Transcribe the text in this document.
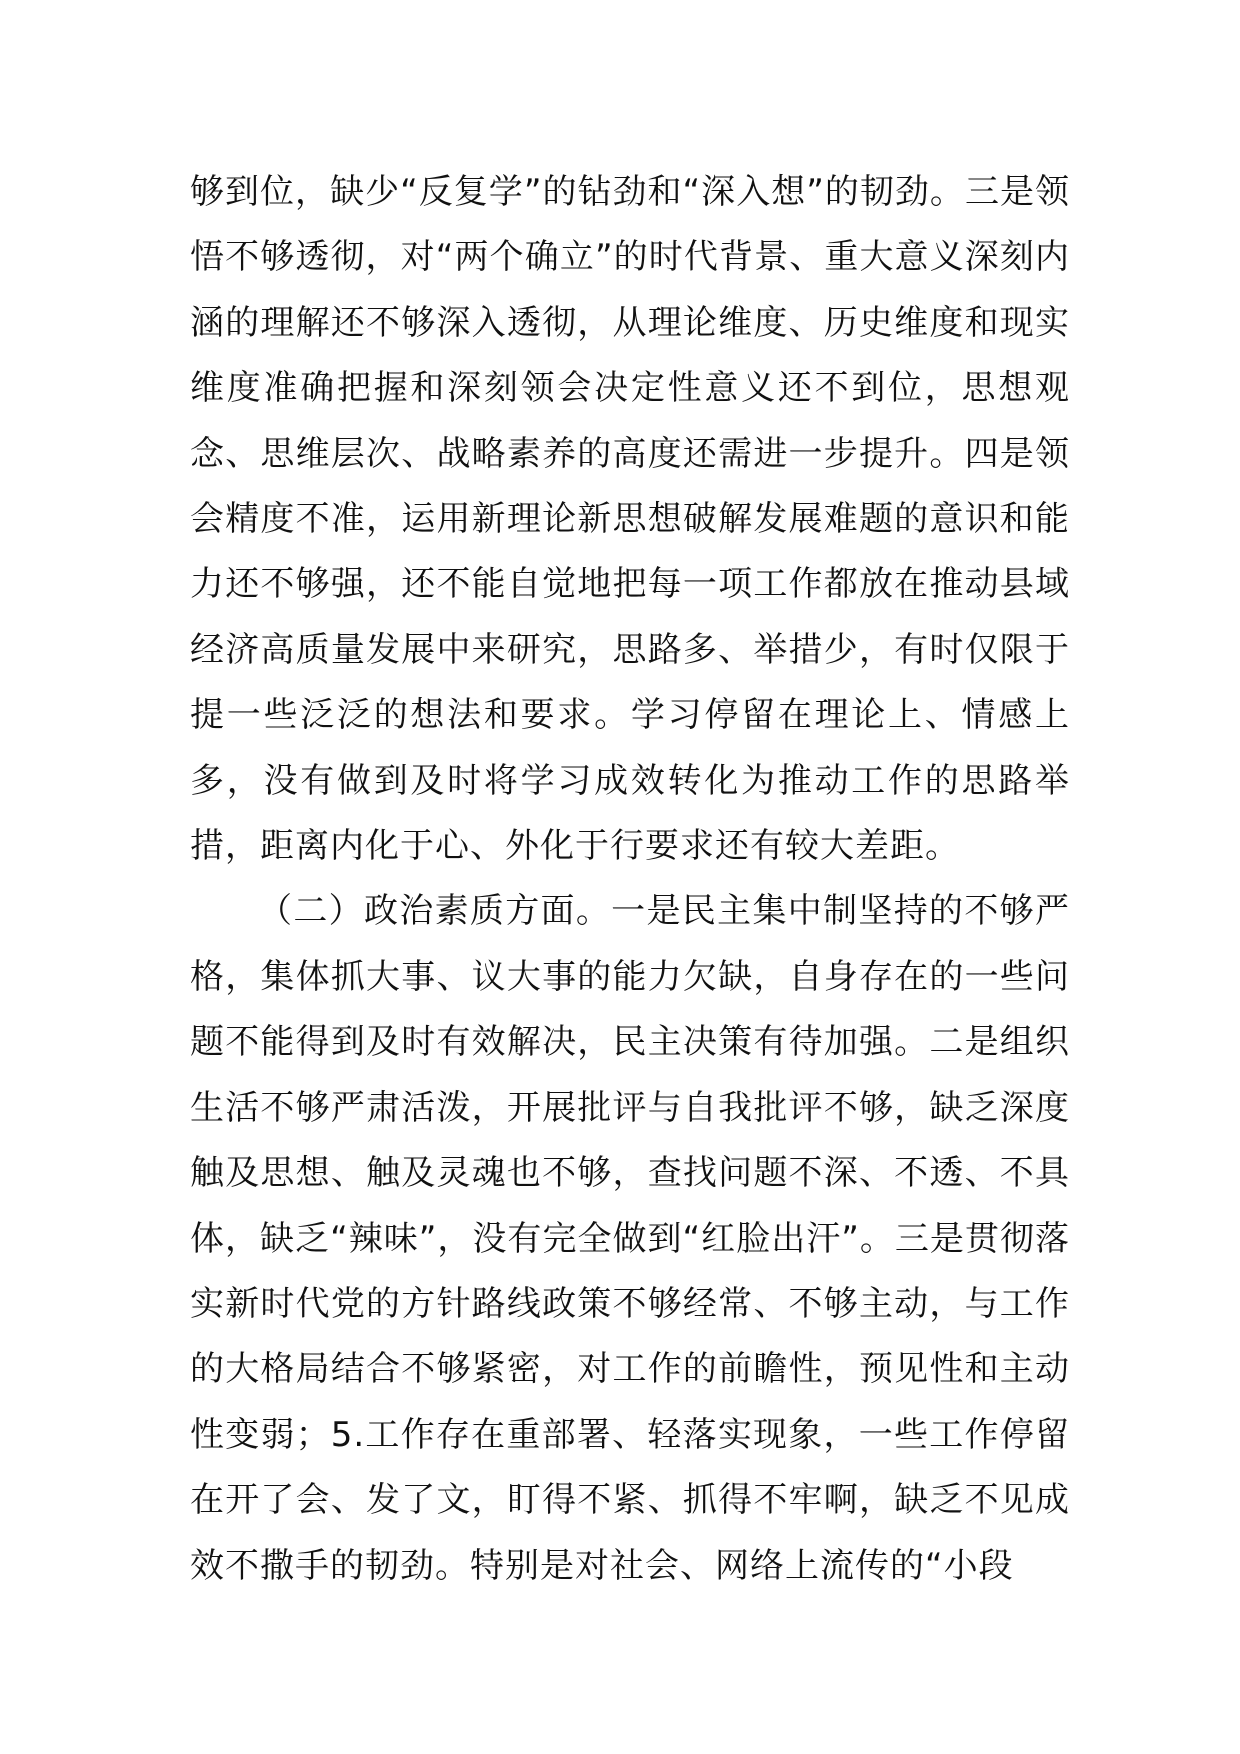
够到位，缺少“反复学”的钻劲和“深入想”的韧劲。三是领悟不够透彻，对“两个确立”的时代背景、重大意义深刻内涵的理解还不够深入透彻，从理论维度、历史维度和现实维度准确把握和深刻领会决定性意义还不到位，思想观念、思维层次、战略素养的高度还需进一步提升。四是领会精度不准，运用新理论新思想破解发展难题的意识和能力还不够强，还不能自觉地把每一项工作都放在推动县域经济高质量发展中来研究，思路多、举措少，有时仅限于提一些泛泛的想法和要求。学习停留在理论上、情感上多，没有做到及时将学习成效转化为推动工作的思路举措，距离内化于心、外化于行要求还有较大差距。

（二）政治素质方面。一是民主集中制坚持的不够严格，集体抓大事、议大事的能力欠缺，自身存在的一些问题不能得到及时有效解决，民主决策有待加强。二是组织生活不够严肃活泼，开展批评与自我批评不够，缺乏深度触及思想、触及灵魂也不够，查找问题不深、不透、不具体，缺乏“辣味”，没有完全做到“红脸出汗”。三是贯彻落实新时代党的方针路线政策不够经常、不够主动，与工作的大格局结合不够紧密，对工作的前瞻性，预见性和主动性变弱；5.工作存在重部署、轻落实现象，一些工作停留在开了会、发了文，盯得不紧、抓得不牢啊，缺乏不见成效不撒手的韧劲。特别是对社会、网络上流传的“小段
